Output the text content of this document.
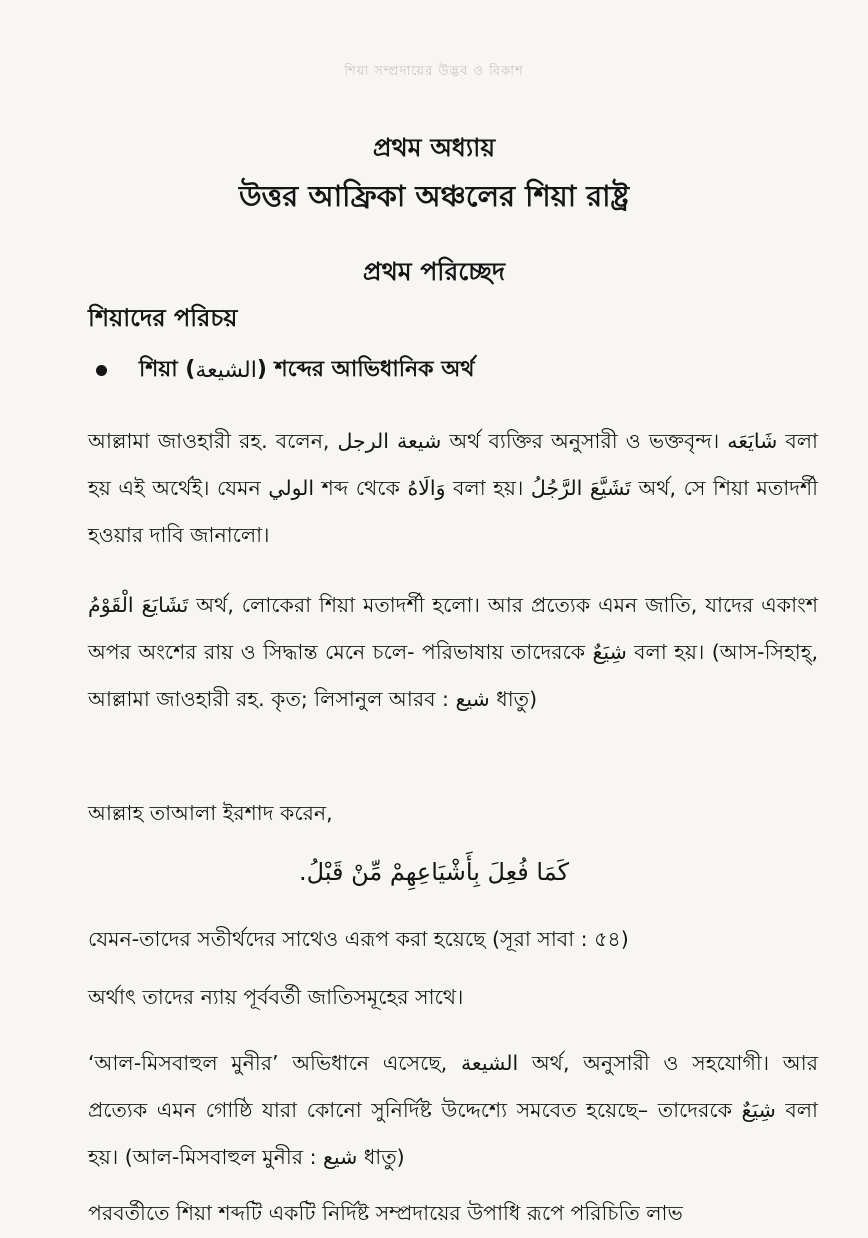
শিয়া সম্প্রদায়ের উদ্ভব ও বিকাশ
প্রথম অধ্যায়
উত্তর আফ্রিকা অঞ্চলের শিয়া রাষ্ট্র
প্রথম পরিচ্ছেদ
শিয়াদের পরিচয়
শিয়া ( الشيعة ) শব্দের আভিধানিক অর্থ
আল্লামা জাওহারী রহ. বলেন, شيعة الرجل অর্থ ব্যক্তির অনুসারী ও ভক্তবৃন্দ। شَايَعَه বলা হয় এই অর্থেই। যেমন الولي শব্দ থেকে وَالَاهُ বলা হয়। تَشَيَّعَ الرَّجُلُ অর্থ, সে শিয়া মতাদর্শী হওয়ার দাবি জানালো।
تَشَايَعَ الْقَوْمُ অর্থ, লোকেরা শিয়া মতাদর্শী হলো। আর প্রত্যেক এমন জাতি, যাদের একাংশ অপর অংশের রায় ও সিদ্ধান্ত মেনে চলে- পরিভাষায় তাদেরকে شِيَعٌ বলা হয়। (আস-সিহাহ্, আল্লামা জাওহারী রহ. কৃত; লিসানুল আরব : شيع ধাতু)
আল্লাহ তাআলা ইরশাদ করেন,
كَمَا فُعِلَ بِأَشْيَاعِهِمْ مِّنْ قَبْلُ.
যেমন-তাদের সতীর্থদের সাথেও এরূপ করা হয়েছে (সূরা সাবা : ৫৪)
অর্থাৎ তাদের ন্যায় পূর্ববর্তী জাতিসমূহের সাথে।
‘আল-মিসবাহুল মুনীর’ অভিধানে এসেছে, الشيعة অর্থ, অনুসারী ও সহযোগী। আর প্রত্যেক এমন গোষ্ঠি যারা কোনো সুনির্দিষ্ট উদ্দেশ্যে সমবেত হয়েছে– তাদেরকে شِيَعٌ বলা হয়। (আল-মিসবাহুল মুনীর : شيع ধাতু)
পরবর্তীতে শিয়া শব্দটি একটি নির্দিষ্ট সম্প্রদায়ের উপাধি রূপে পরিচিতি লাভ
